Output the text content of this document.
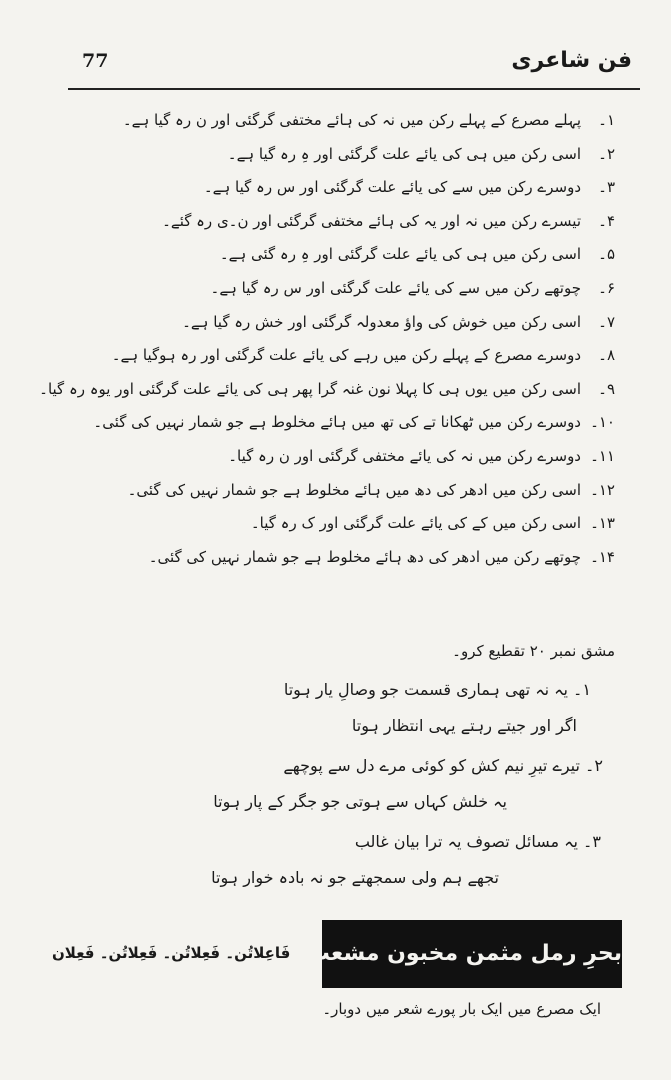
77	فن شاعری
۱۔پہلے مصرع کے پہلے رکن میں نہ کی ہائے مختفی گرگئی اور ن رہ گیا ہے۔
۲۔اسی رکن میں ہی کی یائے علت گرگئی اور ہِ رہ گیا ہے۔
۳۔دوسرے رکن میں سے کی یائے علت گرگئی اور س رہ گیا ہے۔
۴۔تیسرے رکن میں نہ اور یہ کی ہائے مختفی گرگئی اور ن۔ی رہ گئے۔
۵۔اسی رکن میں ہی کی یائے علت گرگئی اور ہِ رہ گئی ہے۔
۶۔چوتھے رکن میں سے کی یائے علت گرگئی اور س رہ گیا ہے۔
۷۔اسی رکن میں خوش کی واؤ معدولہ گرگئی اور خش رہ گیا ہے۔
۸۔دوسرے مصرع کے پہلے رکن میں رہے کی یائے علت گرگئی اور رہ ہوگیا ہے۔
۹۔اسی رکن میں یوں ہی کا پہلا نون غنہ گرا پھر ہی کی یائے علت گرگئی اور یوہ رہ گیا۔
۱۰۔دوسرے رکن میں ٹھکانا تے کی تھ میں ہائے مخلوط ہے جو شمار نہیں کی گئی۔
۱۱۔دوسرے رکن میں نہ کی یائے مختفی گرگئی اور ن رہ گیا۔
۱۲۔اسی رکن میں ادھر کی دھ میں ہائے مخلوط ہے جو شمار نہیں کی گئی۔
۱۳۔اسی رکن میں کے کی یائے علت گرگئی اور ک رہ گیا۔
۱۴۔چوتھے رکن میں ادھر کی دھ ہائے مخلوط ہے جو شمار نہیں کی گئی۔
مشق نمبر ۲۰ تقطیع کرو۔
۱۔ یہ نہ تھی ہماری قسمت جو وصالِ یار ہوتا
اگر اور جیتے رہتے یہی انتظار ہوتا
۲۔ تیرے تیرِ نیم کش کو کوئی مرے دل سے پوچھے
یہ خلش کہاں سے ہوتی جو جگر کے پار ہوتا
۳۔ یہ مسائل تصوف یہ ترا بیان غالب
تجھے ہم ولی سمجھتے جو نہ بادہ خوار ہوتا
بحرِ رمل مثمن مخبون مشعت مقصور
فَاعِلاتُن۔ فَعِلاتُن۔ فَعِلاتُن۔ فَعِلان
ایک مصرع میں ایک بار پورے شعر میں دوبار۔
